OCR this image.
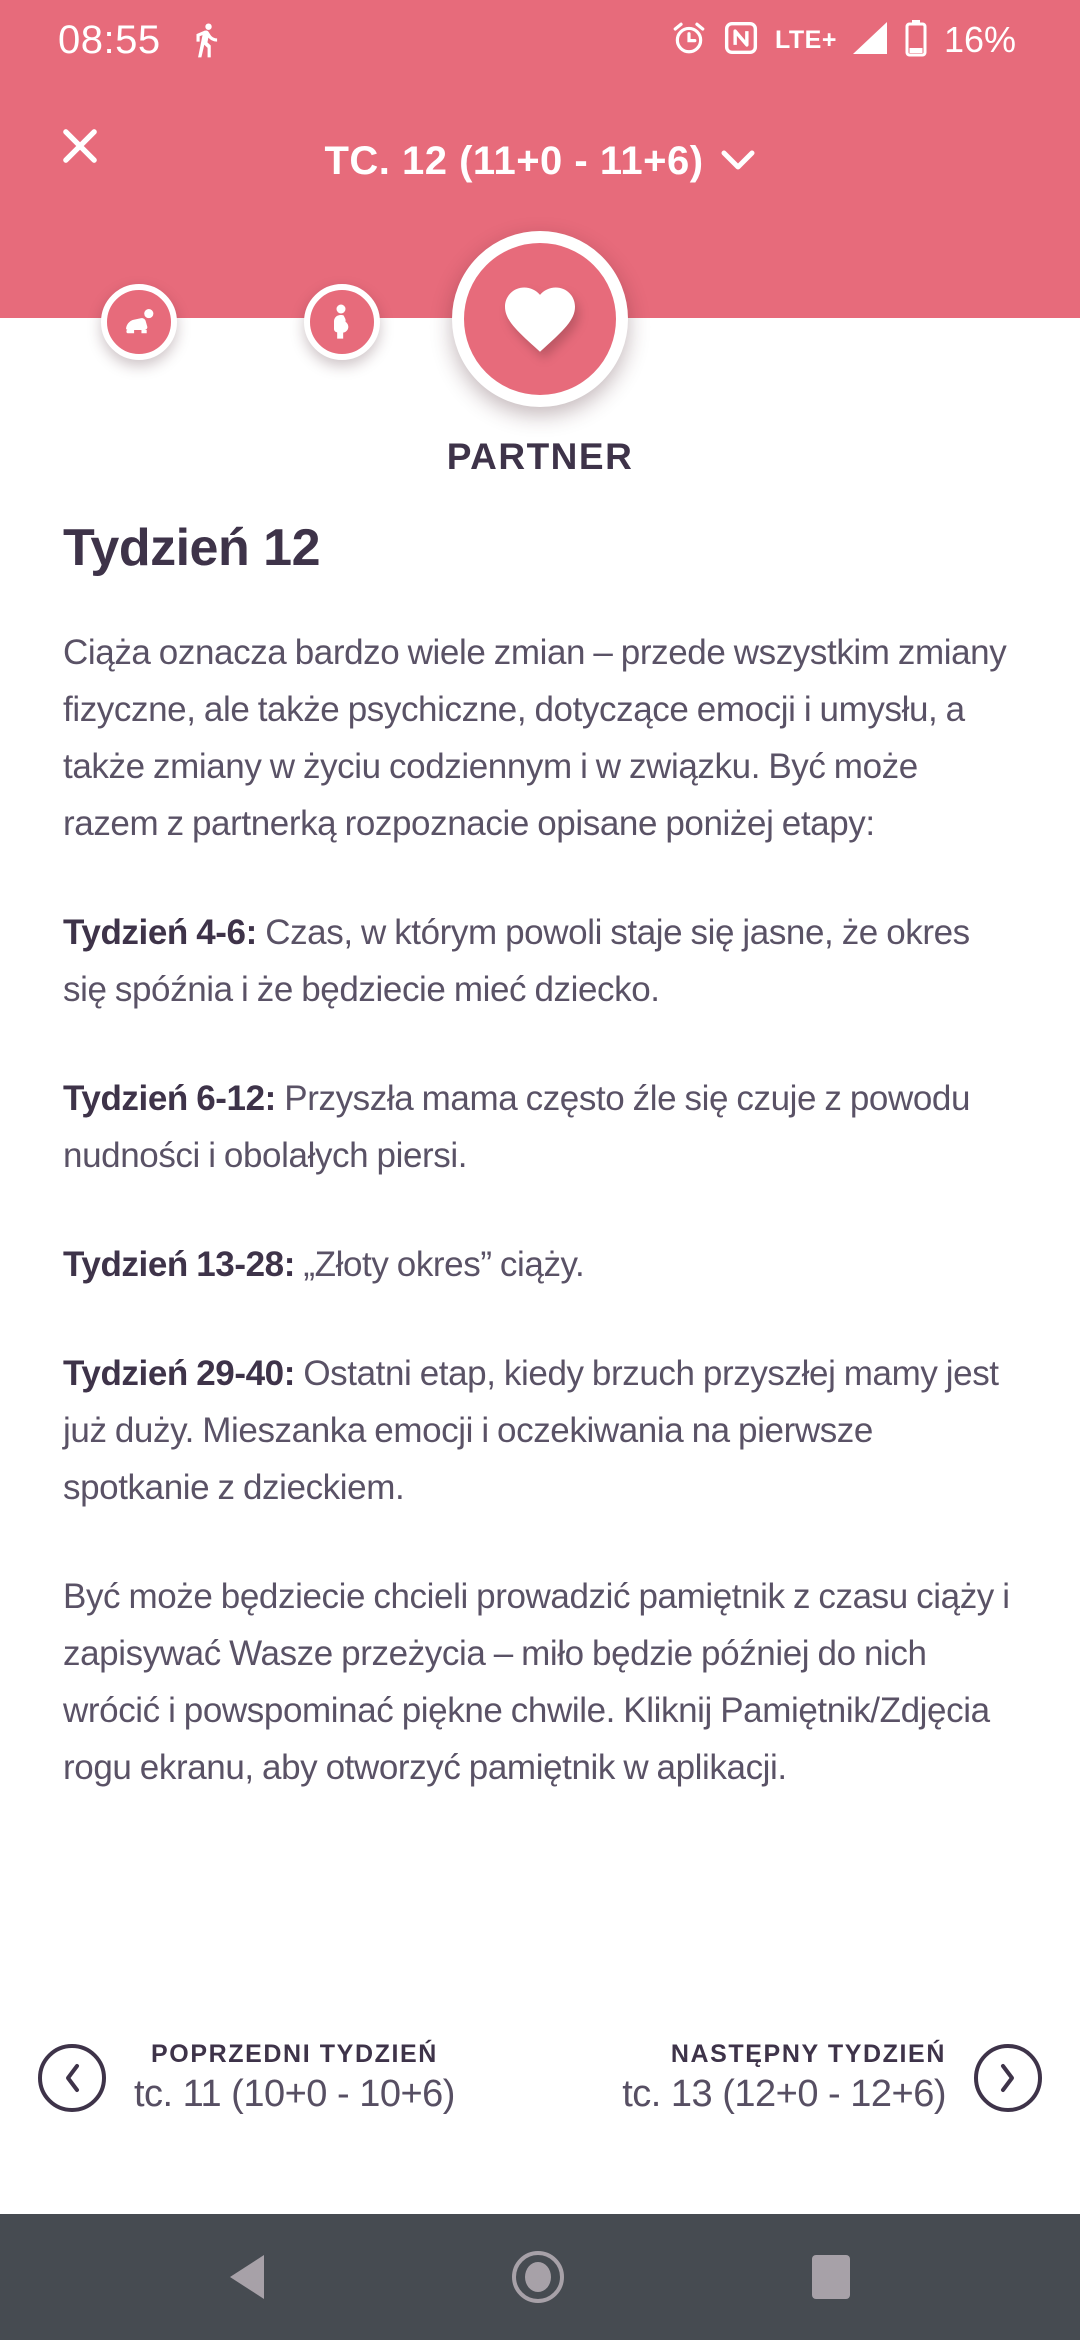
08:55	LTE+	16%
TC. 12 (11+0 - 11+6)
PARTNER
Tydzień 12

Ciąża oznacza bardzo wiele zmian – przede wszystkim zmiany fizyczne, ale także psychiczne, dotyczące emocji i umysłu, a także zmiany w życiu codziennym i w związku. Być może razem z partnerką rozpoznacie opisane poniżej etapy:

Tydzień 4-6: Czas, w którym powoli staje się jasne, że okres się spóźnia i że będziecie mieć dziecko.

Tydzień 6-12: Przyszła mama często źle się czuje z powodu nudności i obolałych piersi.

Tydzień 13-28: „Złoty okres” ciąży.

Tydzień 29-40: Ostatni etap, kiedy brzuch przyszłej mamy jest już duży. Mieszanka emocji i oczekiwania na pierwsze spotkanie z dzieckiem.

Być może będziecie chcieli prowadzić pamiętnik z czasu ciąży i zapisywać Wasze przeżycia – miło będzie później do nich wrócić i powspominać piękne chwile. Kliknij Pamiętnik/Zdjęcia rogu ekranu, aby otworzyć pamiętnik w aplikacji.

POPRZEDNI TYDZIEŃ
tc. 11 (10+0 - 10+6)
NASTĘPNY TYDZIEŃ
tc. 13 (12+0 - 12+6)
